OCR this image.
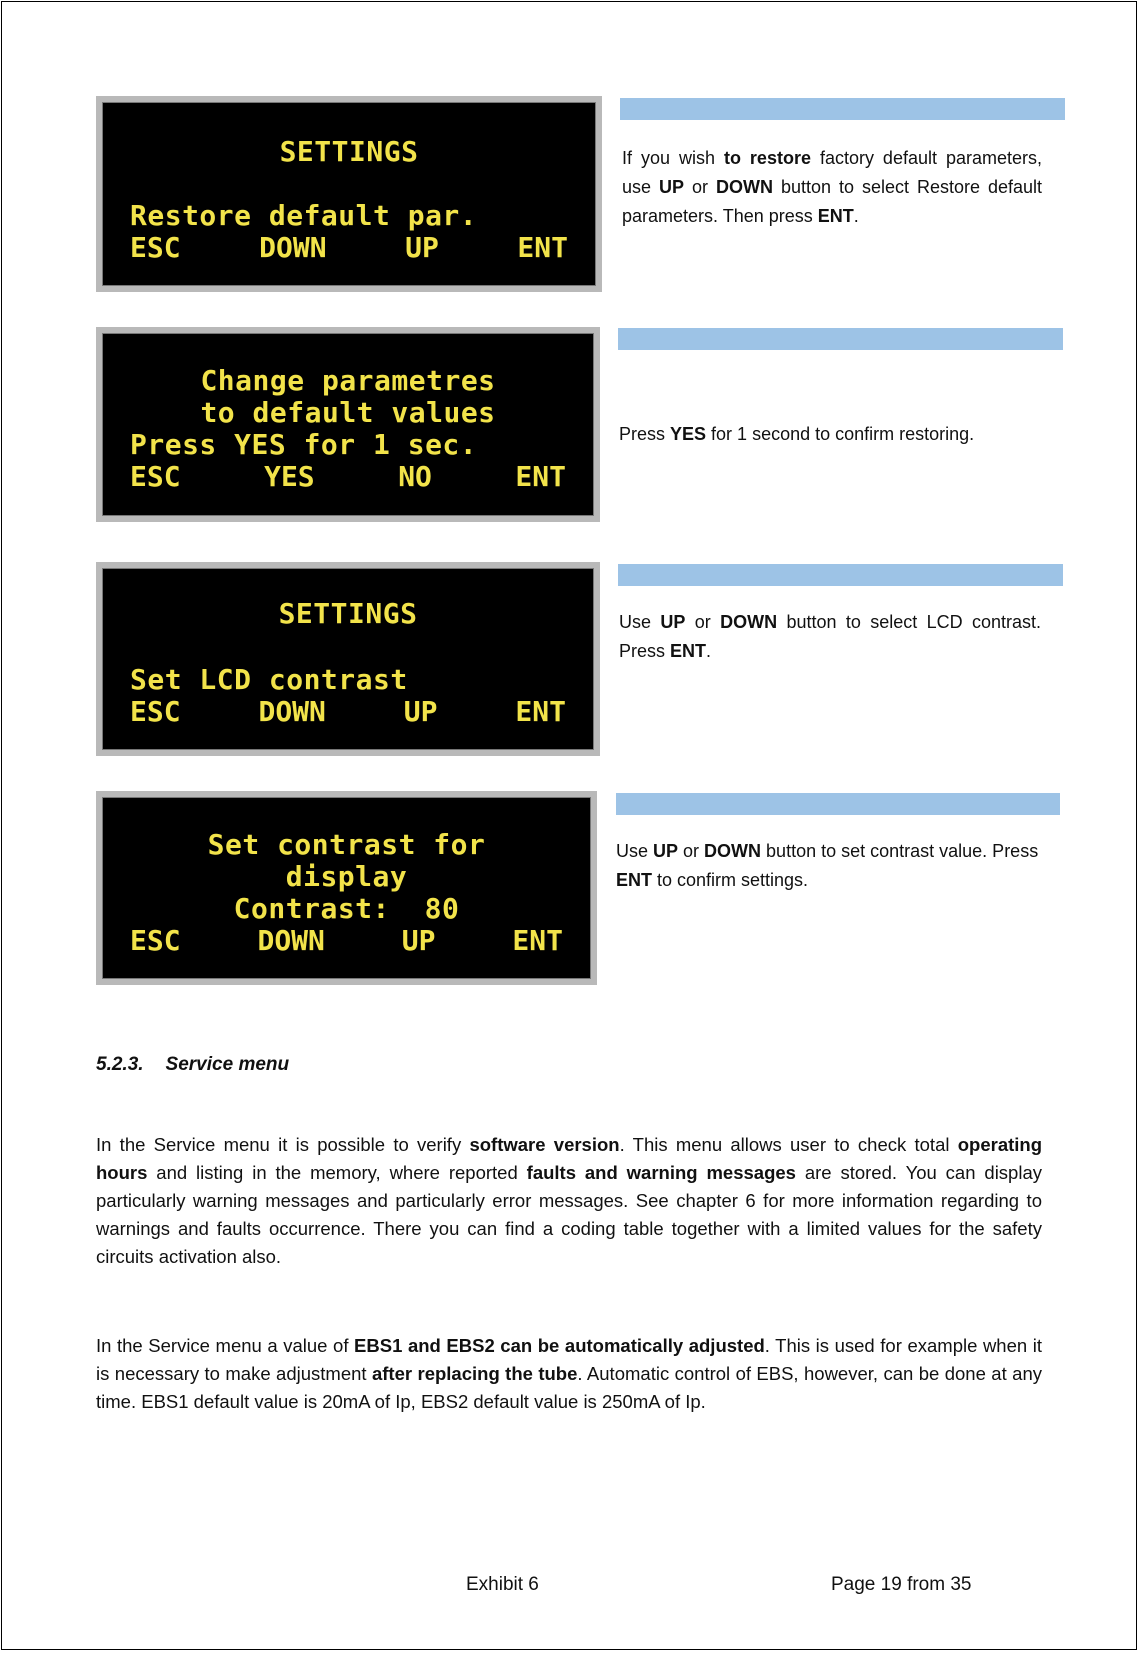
SETTINGS
Restore default par.
ESC	DOWN	UP	ENT
If you wish to restore factory default parameters, use UP or DOWN button to select Restore default parameters. Then press ENT.
Change parametres
to default values
Press YES for 1 sec.
ESC	YES	NO	ENT
Press YES for 1 second to confirm restoring.
SETTINGS
Set LCD contrast
ESC	DOWN	UP	ENT
Use UP or DOWN button to select LCD contrast. Press ENT.
Set contrast for
display
Contrast:  80
ESC	DOWN	UP	ENT
Use UP or DOWN button to set contrast value. Press ENT to confirm settings.
5.2.3. Service menu
In the Service menu it is possible to verify software version. This menu allows user to check total operating hours and listing in the memory, where reported faults and warning messages are stored. You can display particularly warning messages and particularly error messages. See chapter 6 for more information regarding to warnings and faults occurrence. There you can find a coding table together with a limited values for the safety circuits activation also.
In the Service menu a value of EBS1 and EBS2 can be automatically adjusted. This is used for example when it is necessary to make adjustment after replacing the tube. Automatic control of EBS, however, can be done at any time. EBS1 default value is 20mA of Ip, EBS2 default value is 250mA of Ip.
Exhibit 6	Page 19 from 35
